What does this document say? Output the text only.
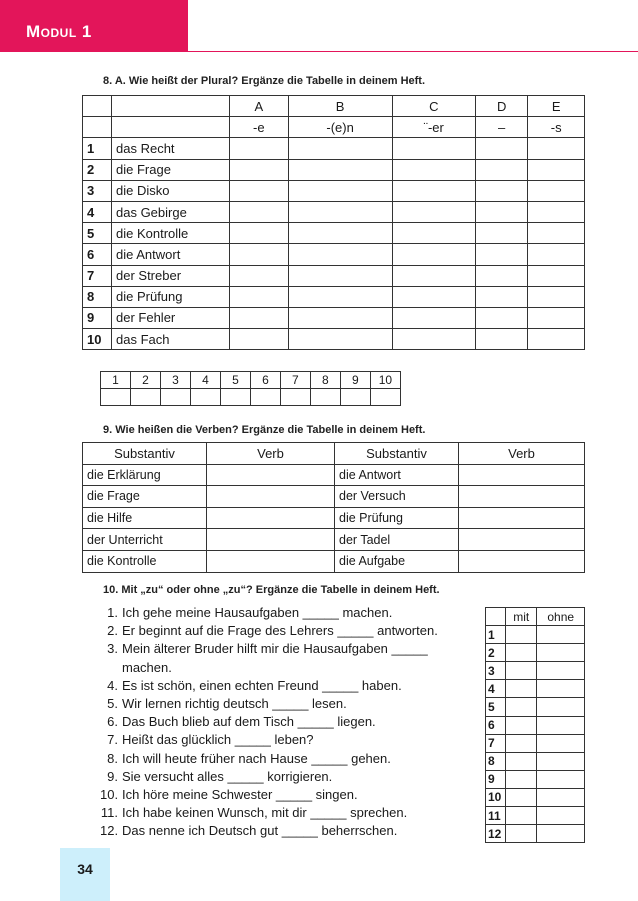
Modul 1
8. A. Wie heißt der Plural? Ergänze die Tabelle in deinem Heft.
		A	B	C	D	E
		-e	-(e)n	¨-er	–	-s
1	das Recht					
2	die Frage					
3	die Disko					
4	das Gebirge					
5	die Kontrolle					
6	die Antwort					
7	der Streber					
8	die Prüfung					
9	der Fehler					
10	das Fach					
1	2	3	4	5	6	7	8	9	10

9. Wie heißen die Verben? Ergänze die Tabelle in deinem Heft.
Substantiv	Verb	Substantiv	Verb
die Erklärung		die Antwort	
die Frage		der Versuch	
die Hilfe		die Prüfung	
der Unterricht		der Tadel	
die Kontrolle		die Aufgabe	
10. Mit „zu“ oder ohne „zu“? Ergänze die Tabelle in deinem Heft.
1. Ich gehe meine Hausaufgaben _____ machen.
2. Er beginnt auf die Frage des Lehrers _____ antworten.
3. Mein älterer Bruder hilft mir die Hausaufgaben _____
machen.
4. Es ist schön, einen echten Freund _____ haben.
5. Wir lernen richtig deutsch _____ lesen.
6. Das Buch blieb auf dem Tisch _____ liegen.
7. Heißt das glücklich _____ leben?
8. Ich will heute früher nach Hause _____ gehen.
9. Sie versucht alles _____ korrigieren.
10. Ich höre meine Schwester _____ singen.
11. Ich habe keinen Wunsch, mit dir _____ sprechen.
12. Das nenne ich Deutsch gut _____ beherrschen.
	mit	ohne
1		
2		
3		
4		
5		
6		
7		
8		
9		
10		
11		
12		
34
